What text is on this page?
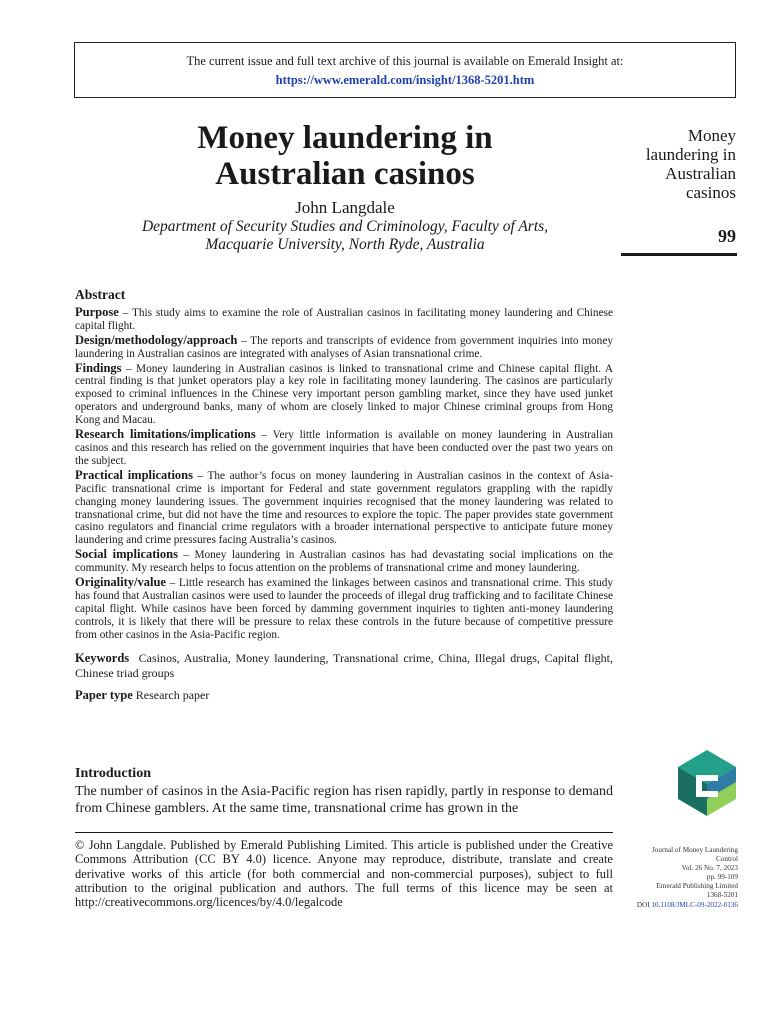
The current issue and full text archive of this journal is available on Emerald Insight at:
https://www.emerald.com/insight/1368-5201.htm
Money laundering in
Australian casinos
John Langdale
Department of Security Studies and Criminology, Faculty of Arts,
Macquarie University, North Ryde, Australia
Money
laundering in
Australian
casinos
99
Abstract

Purpose – This study aims to examine the role of Australian casinos in facilitating money laundering and Chinese capital flight.

Design/methodology/approach – The reports and transcripts of evidence from government inquiries into money laundering in Australian casinos are integrated with analyses of Asian transnational crime.

Findings – Money laundering in Australian casinos is linked to transnational crime and Chinese capital flight. A central finding is that junket operators play a key role in facilitating money laundering. The casinos are particularly exposed to criminal influences in the Chinese very important person gambling market, since they have used junket operators and underground banks, many of whom are closely linked to major Chinese criminal groups from Hong Kong and Macau.

Research limitations/implications – Very little information is available on money laundering in Australian casinos and this research has relied on the government inquiries that have been conducted over the past two years on the subject.

Practical implications – The author’s focus on money laundering in Australian casinos in the context of Asia-Pacific transnational crime is important for Federal and state government regulators grappling with the rapidly changing money laundering issues. The government inquiries recognised that the money laundering was related to transnational crime, but did not have the time and resources to explore the topic. The paper provides state government casino regulators and financial crime regulators with a broader international perspective to anticipate future money laundering and crime pressures facing Australia’s casinos.

Social implications – Money laundering in Australian casinos has had devastating social implications on the community. My research helps to focus attention on the problems of transnational crime and money laundering.

Originality/value – Little research has examined the linkages between casinos and transnational crime. This study has found that Australian casinos were used to launder the proceeds of illegal drug trafficking and to facilitate Chinese capital flight. While casinos have been forced by damming government inquiries to tighten anti-money laundering controls, it is likely that there will be pressure to relax these controls in the future because of competitive pressure from other casinos in the Asia-Pacific region.

Keywords Casinos, Australia, Money laundering, Transnational crime, China, Illegal drugs, Capital flight, Chinese triad groups
Paper type Research paper
Introduction
The number of casinos in the Asia-Pacific region has risen rapidly, partly in response to demand from Chinese gamblers. At the same time, transnational crime has grown in the
© John Langdale. Published by Emerald Publishing Limited. This article is published under the Creative Commons Attribution (CC BY 4.0) licence. Anyone may reproduce, distribute, translate and create derivative works of this article (for both commercial and non-commercial purposes), subject to full attribution to the original publication and authors. The full terms of this licence may be seen at http://creativecommons.org/licences/by/4.0/legalcode
Journal of Money Laundering
Control
Vol. 26 No. 7, 2023
pp. 99-109
Emerald Publishing Limited
1368-5201
DOI 10.1108/JMLC-09-2022-0136
